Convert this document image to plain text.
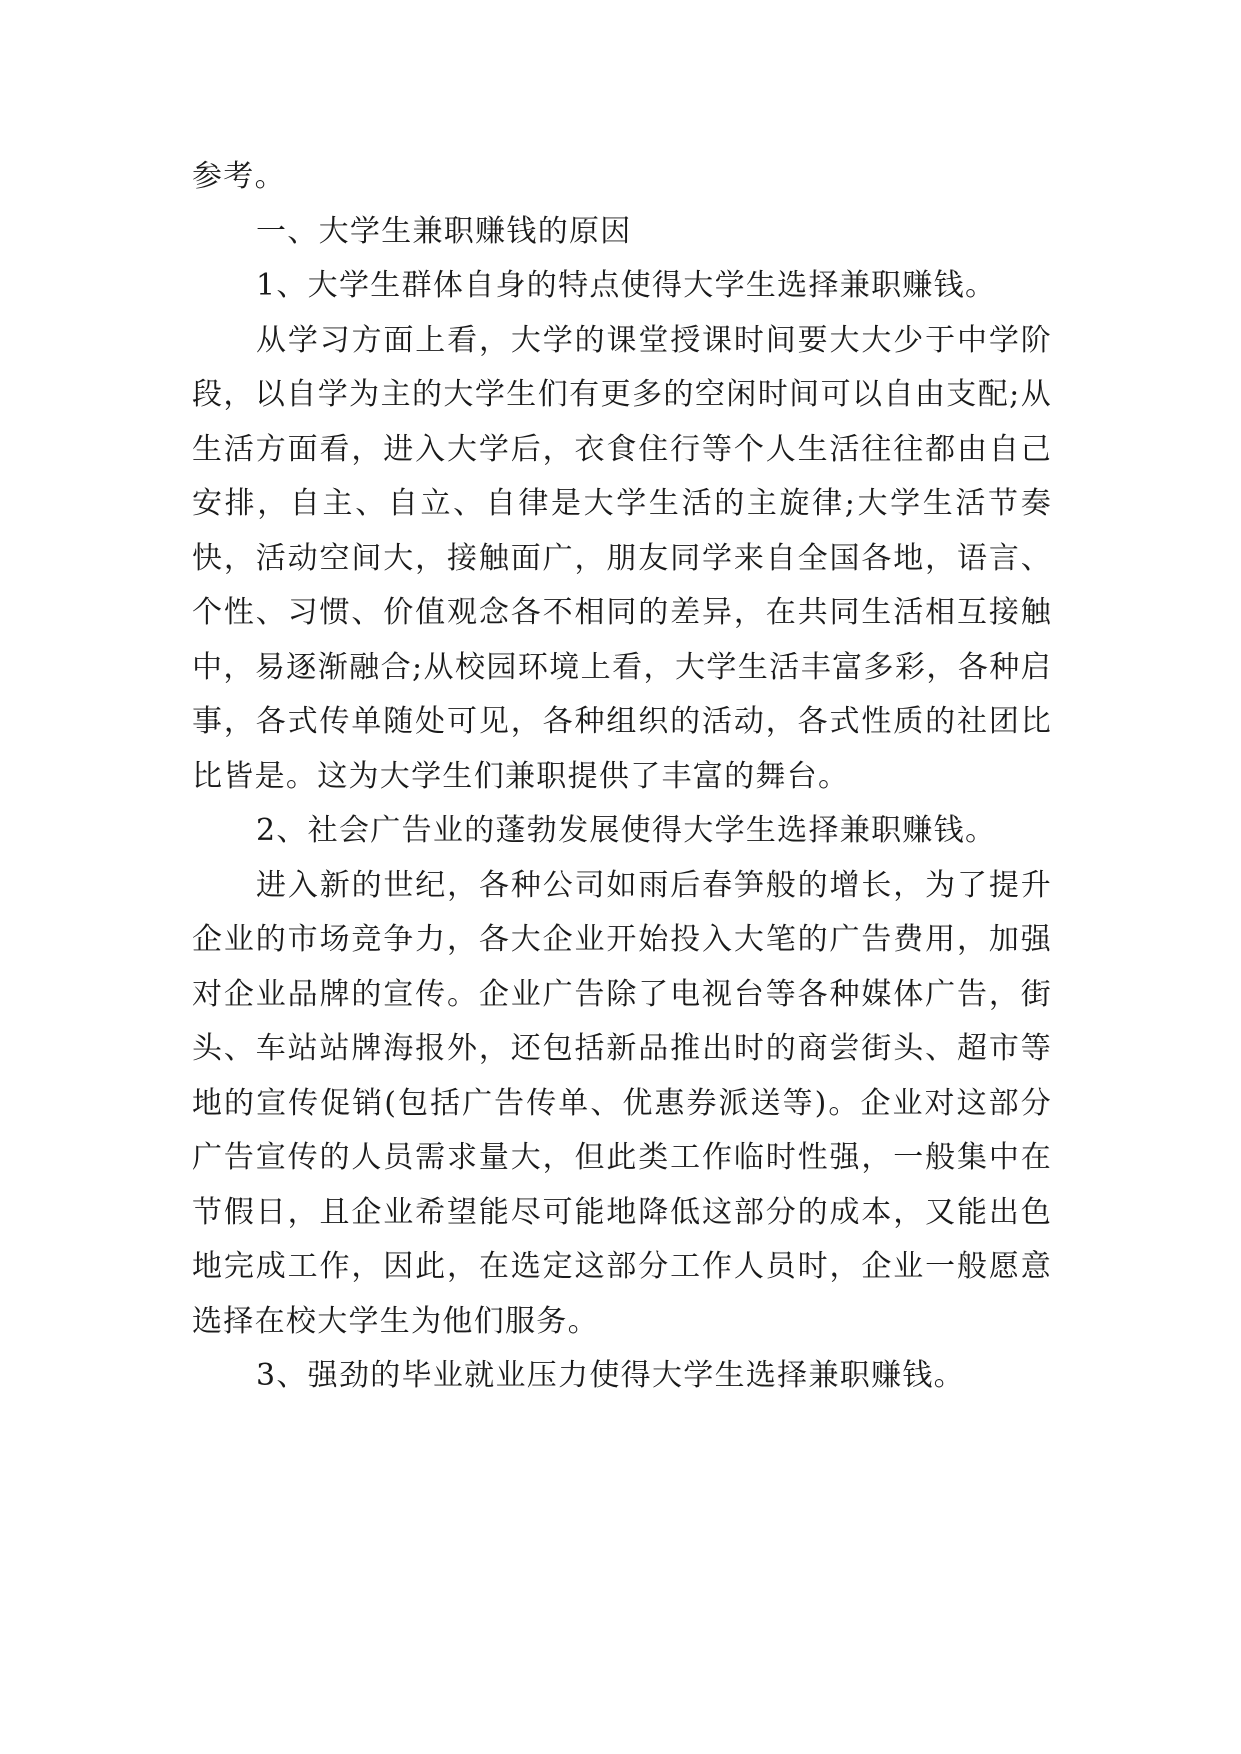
参考。

一、大学生兼职赚钱的原因

1、大学生群体自身的特点使得大学生选择兼职赚钱。

从学习方面上看，大学的课堂授课时间要大大少于中学阶段，以自学为主的大学生们有更多的空闲时间可以自由支配;从生活方面看，进入大学后，衣食住行等个人生活往往都由自己安排，自主、自立、自律是大学生活的主旋律;大学生活节奏快，活动空间大，接触面广，朋友同学来自全国各地，语言、个性、习惯、价值观念各不相同的差异，在共同生活相互接触中，易逐渐融合;从校园环境上看，大学生活丰富多彩，各种启事，各式传单随处可见，各种组织的活动，各式性质的社团比比皆是。这为大学生们兼职提供了丰富的舞台。

2、社会广告业的蓬勃发展使得大学生选择兼职赚钱。

进入新的世纪，各种公司如雨后春笋般的增长，为了提升企业的市场竞争力，各大企业开始投入大笔的广告费用，加强对企业品牌的宣传。企业广告除了电视台等各种媒体广告，街头、车站站牌海报外，还包括新品推出时的商尝街头、超市等地的宣传促销(包括广告传单、优惠券派送等)。企业对这部分广告宣传的人员需求量大，但此类工作临时性强，一般集中在节假日，且企业希望能尽可能地降低这部分的成本，又能出色地完成工作，因此，在选定这部分工作人员时，企业一般愿意选择在校大学生为他们服务。

3、强劲的毕业就业压力使得大学生选择兼职赚钱。
